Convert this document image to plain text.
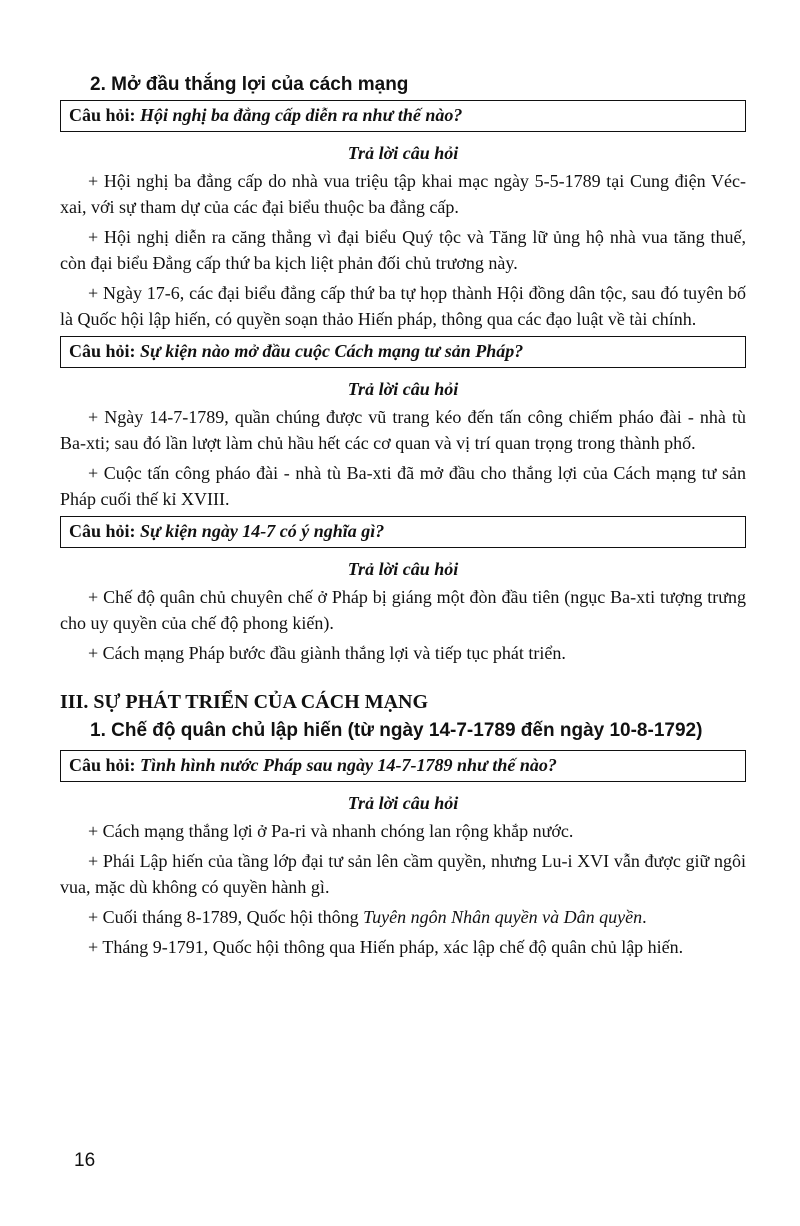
2. Mở đầu thắng lợi của cách mạng
Câu hỏi: Hội nghị ba đẳng cấp diễn ra như thế nào?
Trả lời câu hỏi

+ Hội nghị ba đẳng cấp do nhà vua triệu tập khai mạc ngày 5-5-1789 tại Cung điện Véc-xai, với sự tham dự của các đại biểu thuộc ba đẳng cấp.

+ Hội nghị diễn ra căng thẳng vì đại biểu Quý tộc và Tăng lữ ủng hộ nhà vua tăng thuế, còn đại biểu Đẳng cấp thứ ba kịch liệt phản đối chủ trương này.

+ Ngày 17-6, các đại biểu đẳng cấp thứ ba tự họp thành Hội đồng dân tộc, sau đó tuyên bố là Quốc hội lập hiến, có quyền soạn thảo Hiến pháp, thông qua các đạo luật về tài chính.

Câu hỏi: Sự kiện nào mở đầu cuộc Cách mạng tư sản Pháp?
Trả lời câu hỏi

+ Ngày 14-7-1789, quần chúng được vũ trang kéo đến tấn công chiếm pháo đài - nhà tù Ba-xti; sau đó lần lượt làm chủ hầu hết các cơ quan và vị trí quan trọng trong thành phố.

+ Cuộc tấn công pháo đài - nhà tù Ba-xti đã mở đầu cho thắng lợi của Cách mạng tư sản Pháp cuối thế kỉ XVIII.

Câu hỏi: Sự kiện ngày 14-7 có ý nghĩa gì?
Trả lời câu hỏi

+ Chế độ quân chủ chuyên chế ở Pháp bị giáng một đòn đầu tiên (ngục Ba-xti tượng trưng cho uy quyền của chế độ phong kiến).

+ Cách mạng Pháp bước đầu giành thắng lợi và tiếp tục phát triển.

III. SỰ PHÁT TRIỂN CỦA CÁCH MẠNG
1. Chế độ quân chủ lập hiến (từ ngày 14-7-1789 đến ngày 10-8-1792)
Câu hỏi: Tình hình nước Pháp sau ngày 14-7-1789 như thế nào?
Trả lời câu hỏi

+ Cách mạng thắng lợi ở Pa-ri và nhanh chóng lan rộng khắp nước.

+ Phái Lập hiến của tầng lớp đại tư sản lên cầm quyền, nhưng Lu-i XVI vẫn được giữ ngôi vua, mặc dù không có quyền hành gì.

+ Cuối tháng 8-1789, Quốc hội thông Tuyên ngôn Nhân quyền và Dân quyền.

+ Tháng 9-1791, Quốc hội thông qua Hiến pháp, xác lập chế độ quân chủ lập hiến.

16
